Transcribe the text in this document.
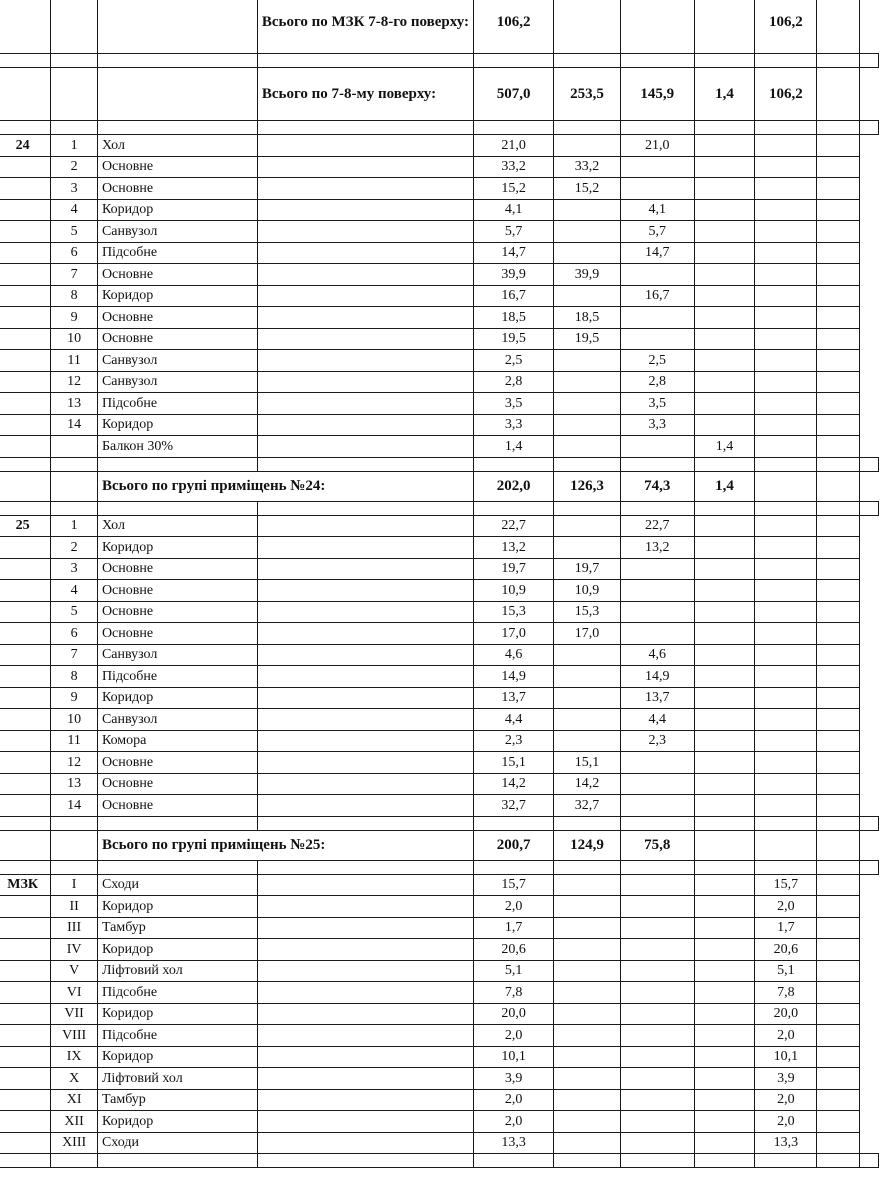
			Всього по МЗК 7-8-го поверху:	106,2				106,2		

			Всього по 7-8-му поверху:	507,0	253,5	145,9	1,4	106,2		

24	1	Хол		21,0		21,0				
	2	Основне		33,2	33,2					
	3	Основне		15,2	15,2					
	4	Коридор		4,1		4,1				
	5	Санвузол		5,7		5,7				
	6	Підсобне		14,7		14,7				
	7	Основне		39,9	39,9					
	8	Коридор		16,7		16,7				
	9	Основне		18,5	18,5					
	10	Основне		19,5	19,5					
	11	Санвузол		2,5		2,5				
	12	Санвузол		2,8		2,8				
	13	Підсобне		3,5		3,5				
	14	Коридор		3,3		3,3				
		Балкон 30%		1,4			1,4			

		Всього по групі приміщень №24:		202,0	126,3	74,3	1,4			

25	1	Хол		22,7		22,7				
	2	Коридор		13,2		13,2				
	3	Основне		19,7	19,7					
	4	Основне		10,9	10,9					
	5	Основне		15,3	15,3					
	6	Основне		17,0	17,0					
	7	Санвузол		4,6		4,6				
	8	Підсобне		14,9		14,9				
	9	Коридор		13,7		13,7				
	10	Санвузол		4,4		4,4				
	11	Комора		2,3		2,3				
	12	Основне		15,1	15,1					
	13	Основне		14,2	14,2					
	14	Основне		32,7	32,7					

		Всього по групі приміщень №25:		200,7	124,9	75,8				

МЗК	I	Сходи		15,7				15,7		
	II	Коридор		2,0				2,0		
	III	Тамбур		1,7				1,7		
	IV	Коридор		20,6				20,6		
	V	Ліфтовий хол		5,1				5,1		
	VI	Підсобне		7,8				7,8		
	VII	Коридор		20,0				20,0		
	VIII	Підсобне		2,0				2,0		
	IX	Коридор		10,1				10,1		
	X	Ліфтовий хол		3,9				3,9		
	XI	Тамбур		2,0				2,0		
	XII	Коридор		2,0				2,0		
	XIII	Сходи		13,3				13,3		
